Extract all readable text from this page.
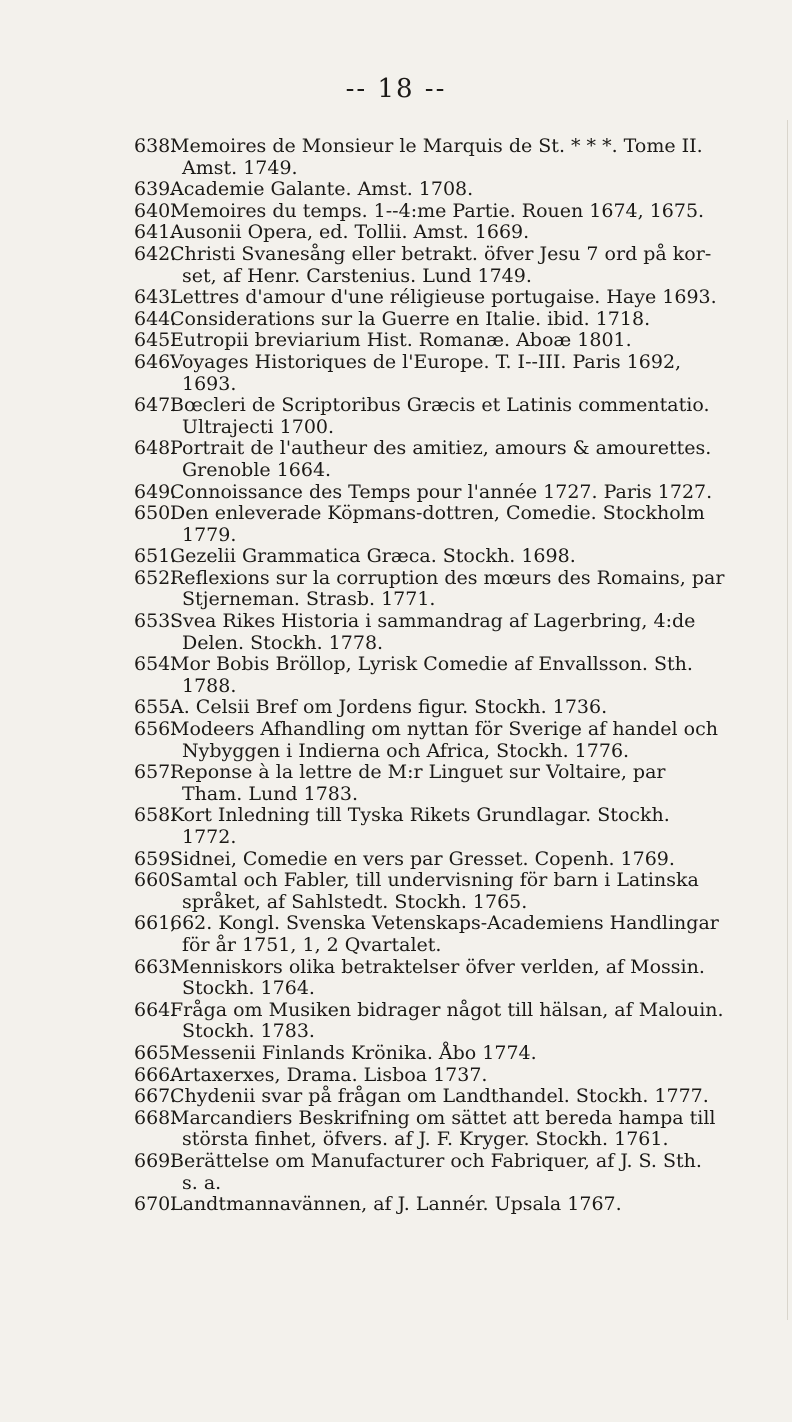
-- 18 --
638.
Memoires de Monsieur le Marquis de St. * * *. Tome II.
Amst. 1749.
639.
Academie Galante. Amst. 1708.
640.
Memoires du temps. 1--4:me Partie. Rouen 1674, 1675.
641.
Ausonii Opera, ed. Tollii. Amst. 1669.
642.
Christi Svanesång eller betrakt. öfver Jesu 7 ord på kor-
set, af Henr. Carstenius. Lund 1749.
643.
Lettres d'amour d'une réligieuse portugaise. Haye 1693.
644.
Considerations sur la Guerre en Italie. ibid. 1718.
645.
Eutropii breviarium Hist. Romanæ. Aboæ 1801.
646.
Voyages Historiques de l'Europe. T. I--III. Paris 1692,
1693.
647.
Bœcleri de Scriptoribus Græcis et Latinis commentatio.
Ultrajecti 1700.
648.
Portrait de l'autheur des amitiez, amours & amourettes.
Grenoble 1664.
649.
Connoissance des Temps pour l'année 1727. Paris 1727.
650.
Den enleverade Köpmans-dottren, Comedie. Stockholm
1779.
651.
Gezelii Grammatica Græca. Stockh. 1698.
652.
Reflexions sur la corruption des mœurs des Romains, par
Stjerneman. Strasb. 1771.
653.
Svea Rikes Historia i sammandrag af Lagerbring, 4:de
Delen. Stockh. 1778.
654.
Mor Bobis Bröllop, Lyrisk Comedie af Envallsson. Sth.
1788.
655.
A. Celsii Bref om Jordens figur. Stockh. 1736.
656.
Modeers Afhandling om nyttan för Sverige af handel och
Nybyggen i Indierna och Africa, Stockh. 1776.
657.
Reponse à la lettre de M:r Linguet sur Voltaire, par
Tham. Lund 1783.
658.
Kort Inledning till Tyska Rikets Grundlagar. Stockh.
1772.
659.
Sidnei, Comedie en vers par Gresset. Copenh. 1769.
660.
Samtal och Fabler, till undervisning för barn i Latinska
språket, af Sahlstedt. Stockh. 1765.
661,
662. Kongl. Svenska Vetenskaps-Academiens Handlingar
för år 1751, 1, 2 Qvartalet.
663.
Menniskors olika betraktelser öfver verlden, af Mossin.
Stockh. 1764.
664.
Fråga om Musiken bidrager något till hälsan, af Malouin.
Stockh. 1783.
665.
Messenii Finlands Krönika. Åbo 1774.
666.
Artaxerxes, Drama. Lisboa 1737.
667.
Chydenii svar på frågan om Landthandel. Stockh. 1777.
668.
Marcandiers Beskrifning om sättet att bereda hampa till
största finhet, öfvers. af J. F. Kryger. Stockh. 1761.
669.
Berättelse om Manufacturer och Fabriquer, af J. S. Sth.
s. a.
670.
Landtmannavännen, af J. Lannér. Upsala 1767.
